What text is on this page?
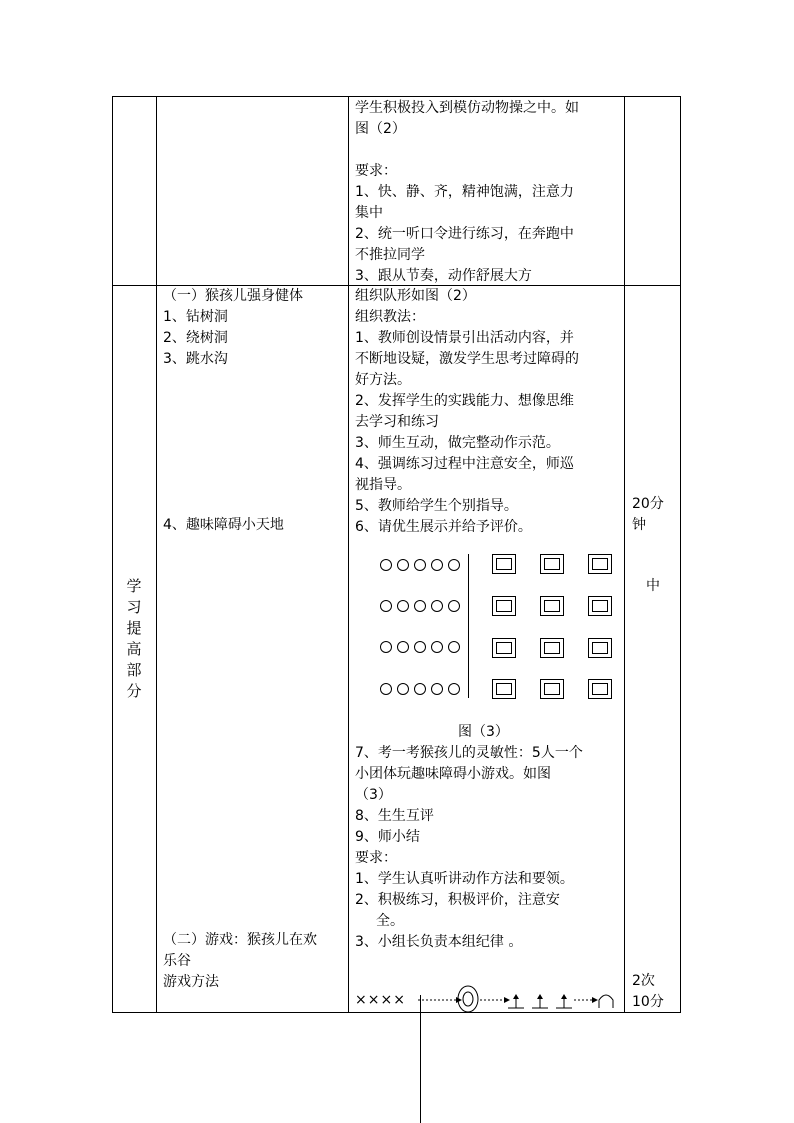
学生积极投入到模仿动物操之中。如
图（2）
要求：
1、快、静、齐，精神饱满，注意力
集中
2、统一听口令进行练习，在奔跑中
不推拉同学
3、跟从节奏，动作舒展大方
学
习
提
高
部
分
（一）猴孩儿强身健体
1、钻树洞
2、绕树洞
3、跳水沟
4、趣味障碍小天地
（二）游戏：猴孩儿在欢
乐谷
游戏方法
组织队形如图（2）
组织教法：
1、教师创设情景引出活动内容，并
不断地设疑，激发学生思考过障碍的
好方法。
2、发挥学生的实践能力、想像思维
去学习和练习
3、师生互动，做完整动作示范。
4、强调练习过程中注意安全，师巡
视指导。
5、教师给学生个别指导。
6、请优生展示并给予评价。
图（3）
7、考一考猴孩儿的灵敏性：5人一个
小团体玩趣味障碍小游戏。如图
（3）
8、生生互评
9、师小结
要求：
1、学生认真听讲动作方法和要领。
2、积极练习，积极评价，注意安
全。
3、小组长负责本组纪律 。
××××
20分
钟
中
2次
10分
